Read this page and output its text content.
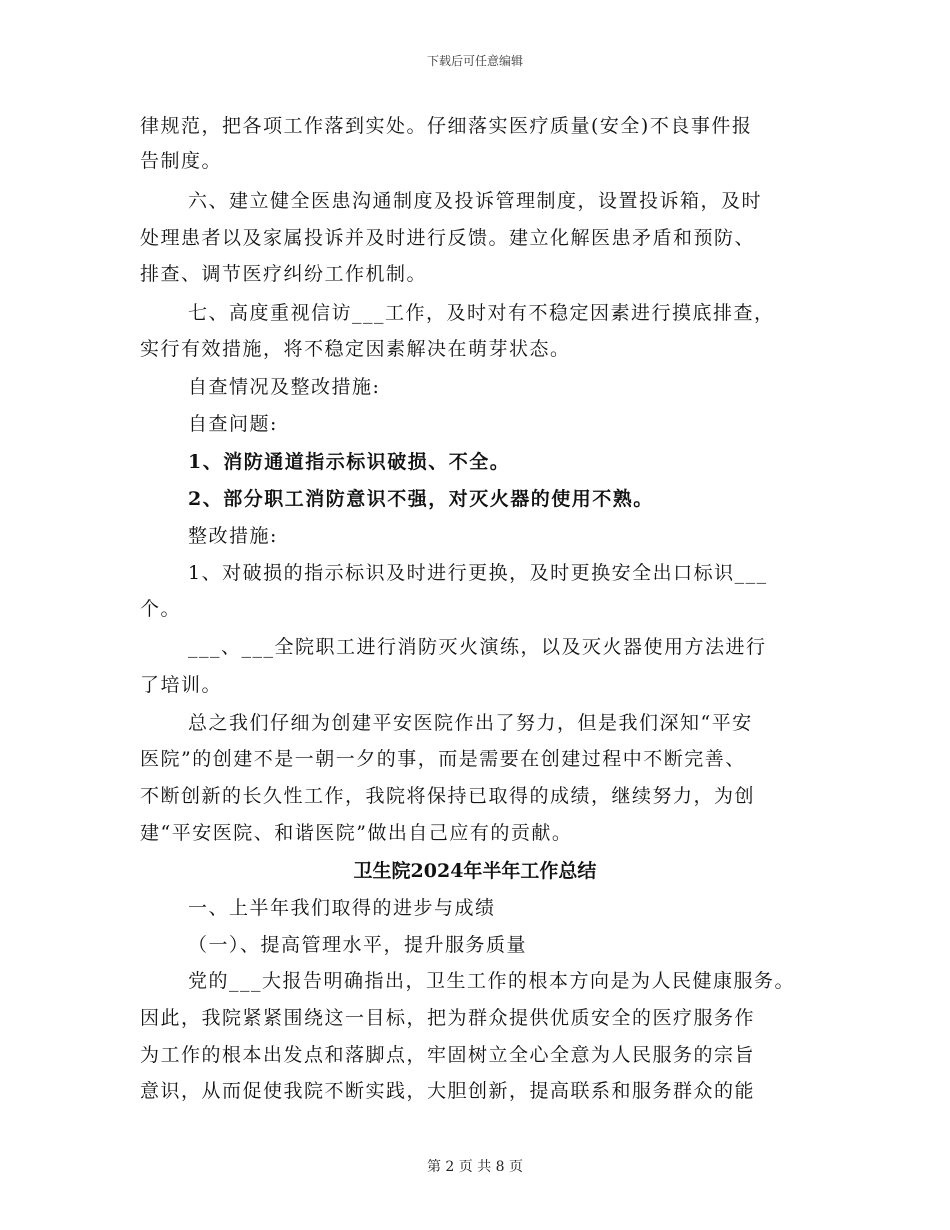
下载后可任意编辑
律规范，把各项工作落到实处。仔细落实医疗质量(安全)不良事件报
告制度。
六、建立健全医患沟通制度及投诉管理制度，设置投诉箱，及时
处理患者以及家属投诉并及时进行反馈。建立化解医患矛盾和预防、
排查、调节医疗纠纷工作机制。
七、高度重视信访___工作，及时对有不稳定因素进行摸底排查，
实行有效措施，将不稳定因素解决在萌芽状态。
自查情况及整改措施:
自查问题:
1、消防通道指示标识破损、不全。
2、部分职工消防意识不强，对灭火器的使用不熟。
整改措施:
1、对破损的指示标识及时进行更换，及时更换安全出口标识___
个。
___、___全院职工进行消防灭火演练，以及灭火器使用方法进行
了培训。
总之我们仔细为创建平安医院作出了努力，但是我们深知“平安
医院”的创建不是一朝一夕的事，而是需要在创建过程中不断完善、
不断创新的长久性工作，我院将保持已取得的成绩，继续努力，为创
建“平安医院、和谐医院”做出自己应有的贡献。
卫生院2024年半年工作总结
一、上半年我们取得的进步与成绩
（一）、提高管理水平，提升服务质量
党的___大报告明确指出，卫生工作的根本方向是为人民健康服务。
因此，我院紧紧围绕这一目标，把为群众提供优质安全的医疗服务作
为工作的根本出发点和落脚点，牢固树立全心全意为人民服务的宗旨
意识，从而促使我院不断实践，大胆创新，提高联系和服务群众的能
第 2 页 共 8 页
